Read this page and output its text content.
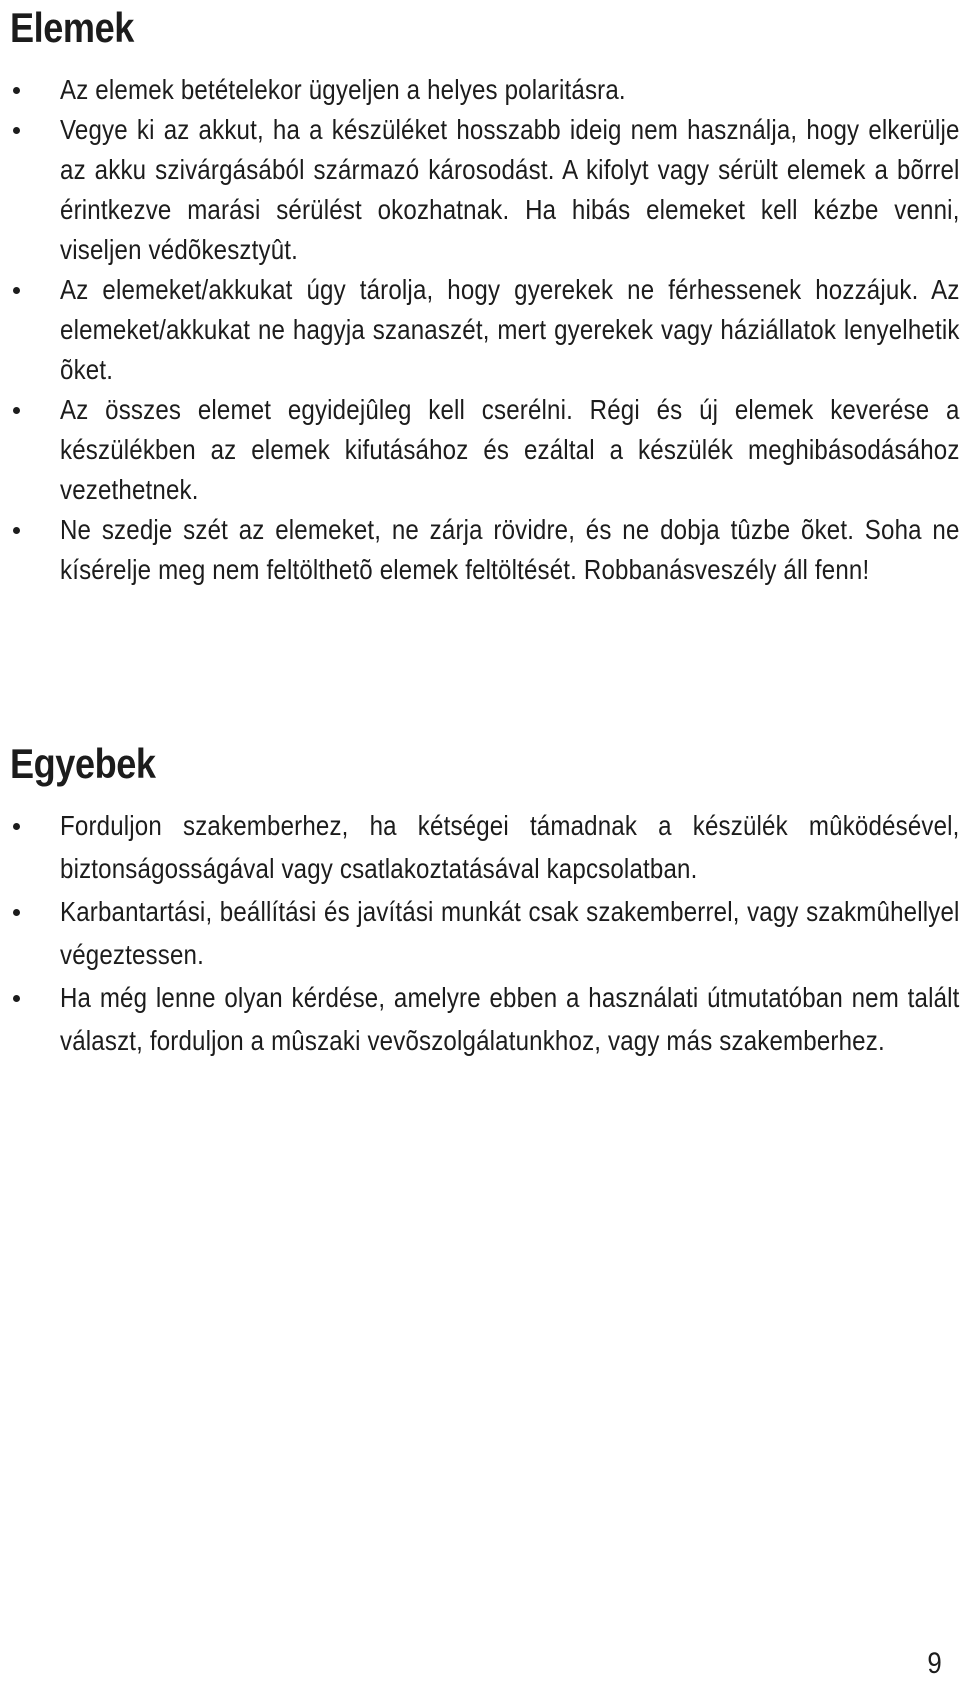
Elemek
Az elemek betételekor ügyeljen a helyes polaritásra.
Vegye ki az akkut, ha a készüléket hosszabb ideig nem használja, hogy elkerülje az akku szivárgásából származó károsodást. A kifolyt vagy sérült elemek a bõrrel érintkezve marási sérülést okozhatnak. Ha hibás elemeket kell kézbe venni, viseljen védõkesztyût.
Az elemeket/akkukat úgy tárolja, hogy gyerekek ne férhessenek hozzájuk. Az elemeket/akkukat ne hagyja szanaszét, mert gyerekek vagy háziállatok lenyelhetik õket.
Az összes elemet egyidejûleg kell cserélni. Régi és új elemek keverése a készülékben az elemek kifutásához és ezáltal a készülék meghibásodásához vezethetnek.
Ne szedje szét az elemeket, ne zárja rövidre, és ne dobja tûzbe õket. Soha ne kísérelje meg nem feltölthetõ elemek feltöltését. Robbanásveszély áll fenn!
Egyebek
Forduljon szakemberhez, ha kétségei támadnak a készülék mûködésével, biztonságosságával vagy csatlakoztatásával kapcsolatban.
Karbantartási, beállítási és javítási munkát csak szakemberrel, vagy szakmûhellyel végeztessen.
Ha még lenne olyan kérdése, amelyre ebben a használati útmutatóban nem talált választ, forduljon a mûszaki vevõszolgálatunkhoz, vagy más szakemberhez.
9
